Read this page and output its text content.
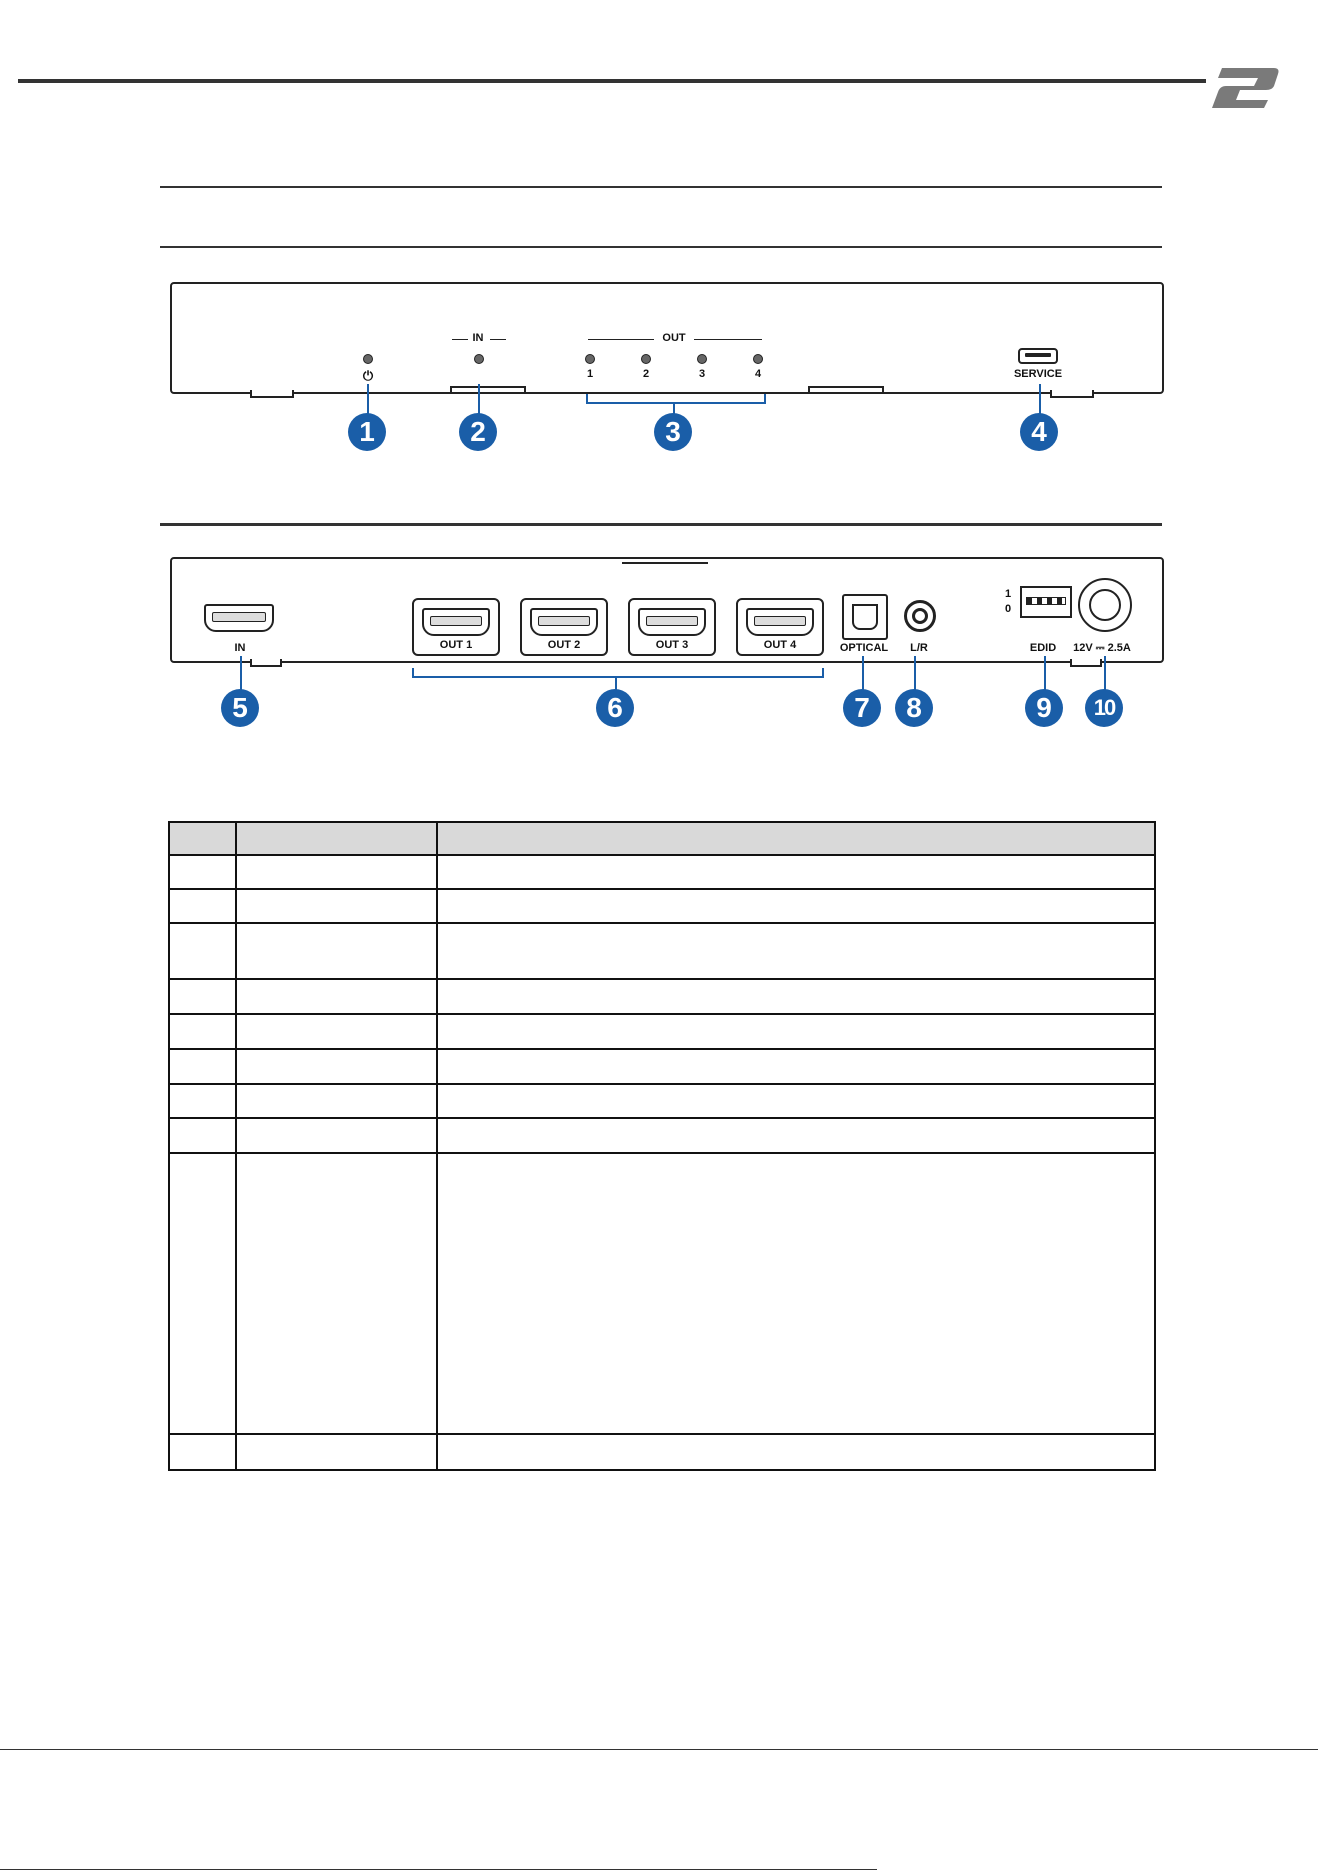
⏻
IN	OUT
1	2	3	4	SERVICE
1	2	3	4
IN	OUT 1	OUT 2	OUT 3	OUT 4	OPTICAL L/R
1
0
EDID 12V ⎓ 2.5A
5	6	7	8	9	10
